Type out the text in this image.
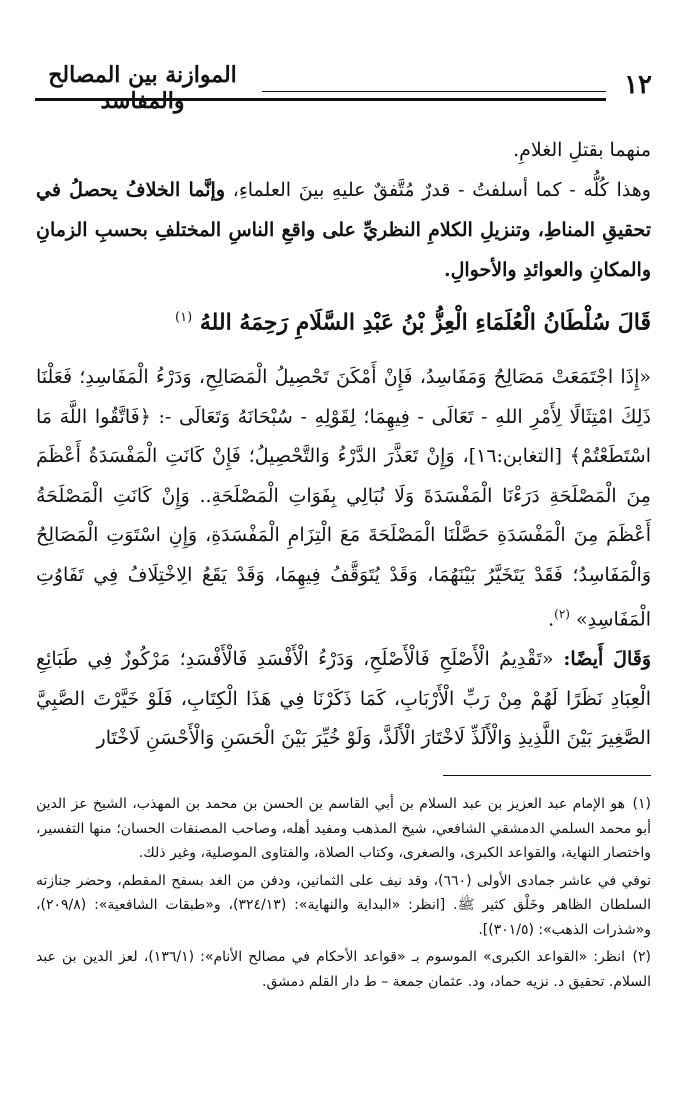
١٢
الموازنة بين المصالح والمفاسد

منهما بقتلِ الغلامِ.

وهذا كُلُّه - كما أسلفتُ - قدرٌ مُتَّفقٌ عليهِ بينَ العلماءِ، وإنَّما الخلافُ يحصلُ في تحقيقِ المناطِ، وتنزيلِ الكلامِ النظريِّ على واقعِ الناسِ المختلفِ بحسبِ الزمانِ والمكانِ والعوائدِ والأحوالِ.

قَالَ سُلْطَانُ الْعُلَمَاءِ الْعِزُّ بْنُ عَبْدِ السَّلَامِ رَحِمَهُ اللهُ $^{(١)}$

«إِذَا اجْتَمَعَتْ مَصَالِحُ وَمَفَاسِدُ، فَإِنْ أَمْكَنَ تَحْصِيلُ الْمَصَالِحِ، وَدَرْءُ الْمَفَاسِدِ؛ فَعَلْنَا ذَلِكَ امْتِثَالًا لِأَمْرِ اللهِ - تَعَالَى - فِيهِمَا؛ لِقَوْلِهِ - سُبْحَانَهُ وَتَعَالَى -: ﴿فَاتَّقُوا اللَّهَ مَا اسْتَطَعْتُمْ﴾ [التغابن:١٦]، وَإِنْ تَعَذَّرَ الدَّرْءُ وَالتَّحْصِيلُ؛ فَإِنْ كَانَتِ الْمَفْسَدَةُ أَعْظَمَ مِنَ الْمَصْلَحَةِ دَرَءْنَا الْمَفْسَدَةَ وَلَا نُبَالِي بِفَوَاتِ الْمَصْلَحَةِ.. وَإِنْ كَانَتِ الْمَصْلَحَةُ أَعْظَمَ مِنَ الْمَفْسَدَةِ حَصَّلْنَا الْمَصْلَحَةَ مَعَ الْتِزَامِ الْمَفْسَدَةِ، وَإِنِ اسْتَوَتِ الْمَصَالِحُ وَالْمَفَاسِدُ؛ فَقَدْ يَتَخَيَّرُ بَيْنَهُمَا، وَقَدْ يُتَوَقَّفُ فِيهِمَا، وَقَدْ يَقَعُ الِاخْتِلَافُ فِي تَفَاوُتِ الْمَفَاسِدِ» $^{(٢)}$.

وَقَالَ أَيضًا: «تَقْدِيمُ الْأَصْلَحِ فَالْأَصْلَحِ، وَدَرْءُ الْأَفْسَدِ فَالْأَفْسَدِ؛ مَرْكُوزٌ فِي طَبَائِعِ الْعِبَادِ نَظَرًا لَهُمْ مِنْ رَبِّ الْأَرْبَابِ، كَمَا ذَكَرْنَا فِي هَذَا الْكِتَابِ، فَلَوْ خَيَّرْتَ الصَّبِيَّ الصَّغِيرَ بَيْنَ اللَّذِيذِ وَالْأَلَذِّ لَاخْتَارَ الْأَلَذَّ، وَلَوْ خُيِّرَ بَيْنَ الْحَسَنِ وَالْأَحْسَنِ لَاخْتَار

(١)هو الإمام عبد العزيز بن عبد السلام بن أبي القاسم بن الحسن بن محمد بن المهذب، الشيخ عز الدين أبو محمد السلمي الدمشقي الشافعي، شيخ المذهب ومفيد أهله، وصاحب المصنفات الحسان؛ منها التفسير، واختصار النهاية، والقواعد الكبرى، والصغرى، وكتاب الصلاة، والفتاوى الموصلية، وغير ذلك.

توفي في عاشر جمادى الأولى (٦٦٠)، وقد نيف على الثمانين، ودفن من الغد بسفح المقطم، وحضر جنازته السلطان الظاهر وخَلْق كثير ﷺ. [انظر: «البداية والنهاية»: (٣٢٤/١٣)، و«طبقات الشافعية»: (٢٠٩/٨)، و«شذرات الذهب»: (٣٠١/٥)].

(٢)انظر: «القواعد الكبرى» الموسوم بـ «قواعد الأحكام في مصالح الأنام»: (١٣٦/١)، لعز الدين بن عبد السلام. تحقيق د. نزيه حماد، ود. عثمان جمعة – ط دار القلم دمشق.
